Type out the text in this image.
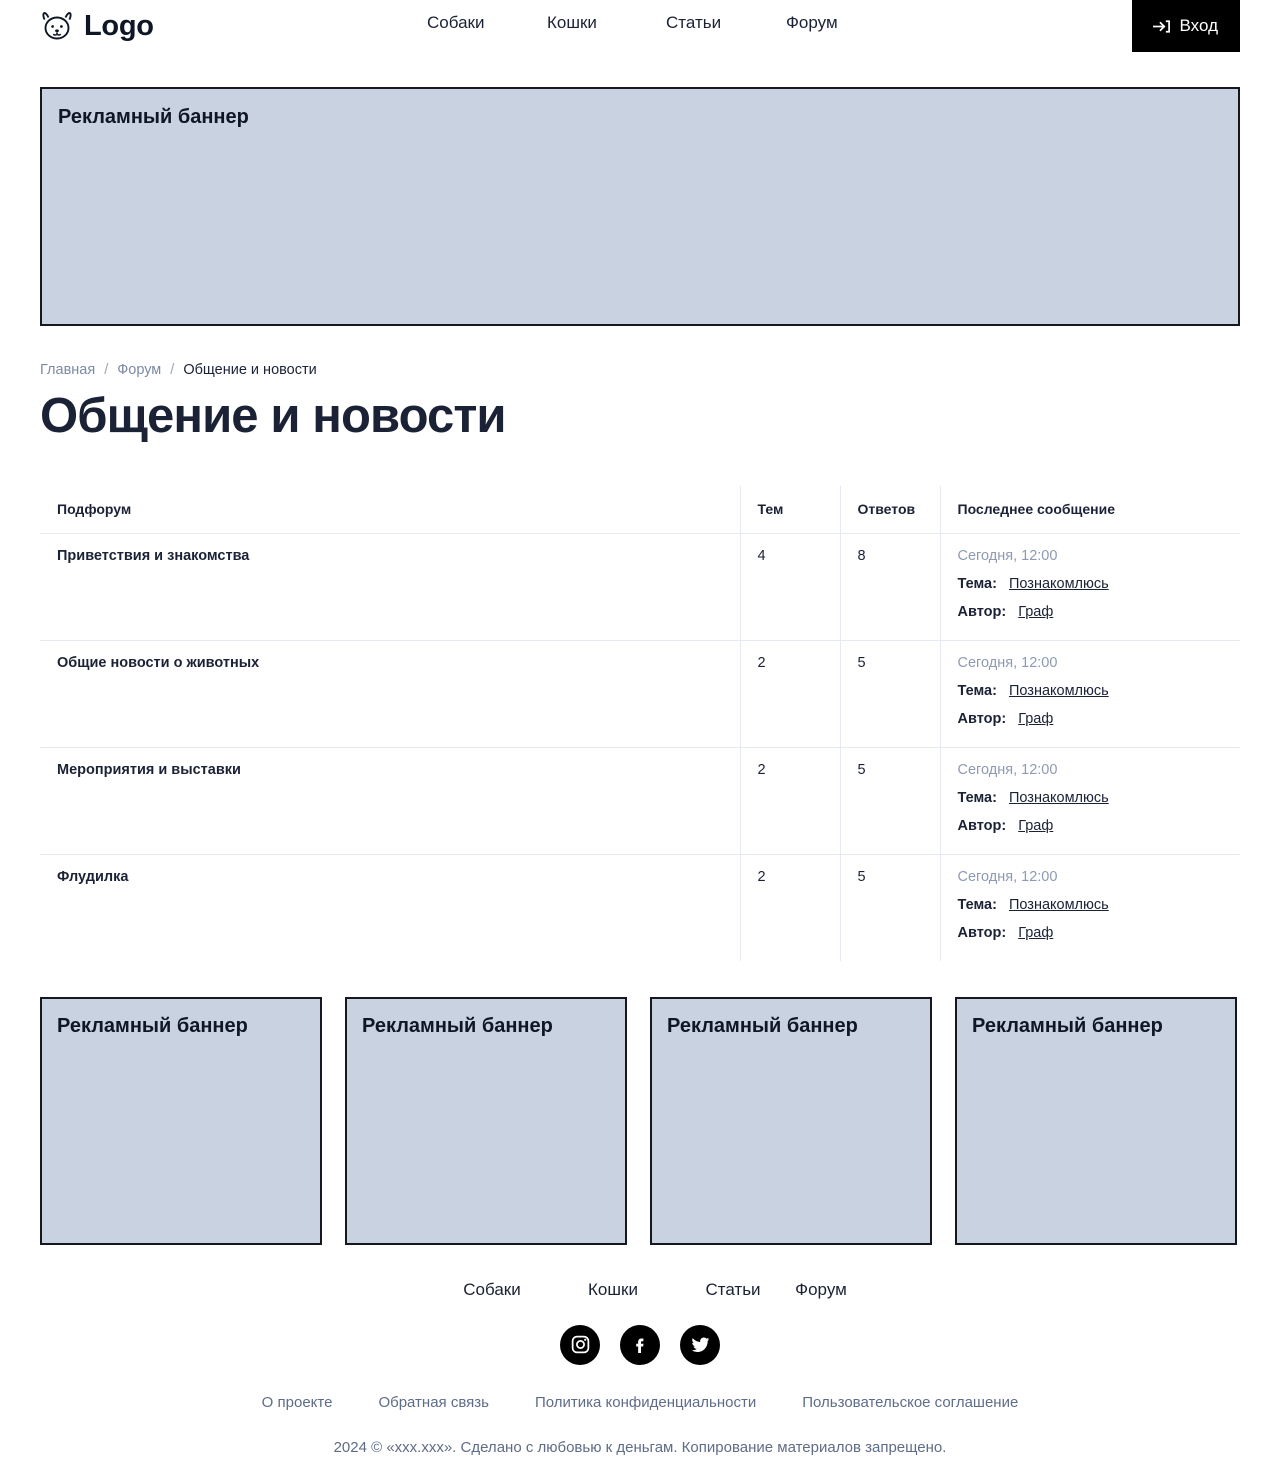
Logo	Собаки	Кошки	Статьи	Форум	Вход
Рекламный баннер
Главная / Форум / Общение и новости
Общение и новости
Подфорум	Тем	Ответов	Последнее сообщение
Приветствия и знакомства	4	8	Сегодня, 12:00
Тема: Познакомлюсь
Автор: Граф

Общие новости о животных	2	5	Сегодня, 12:00
Тема: Познакомлюсь
Автор: Граф

Мероприятия и выставки	2	5	Сегодня, 12:00
Тема: Познакомлюсь
Автор: Граф

Флудилка	2	5	Сегодня, 12:00
Тема: Познакомлюсь
Автор: Граф
Рекламный баннер	Рекламный баннер	Рекламный баннер	Рекламный баннер
Собаки	Кошки	Статьи	Форум
О проекте	Обратная связь	Политика конфиденциальности	Пользовательское соглашение
2024 © «xxx.xxx». Сделано с любовью к деньгам. Копирование материалов запрещено.
